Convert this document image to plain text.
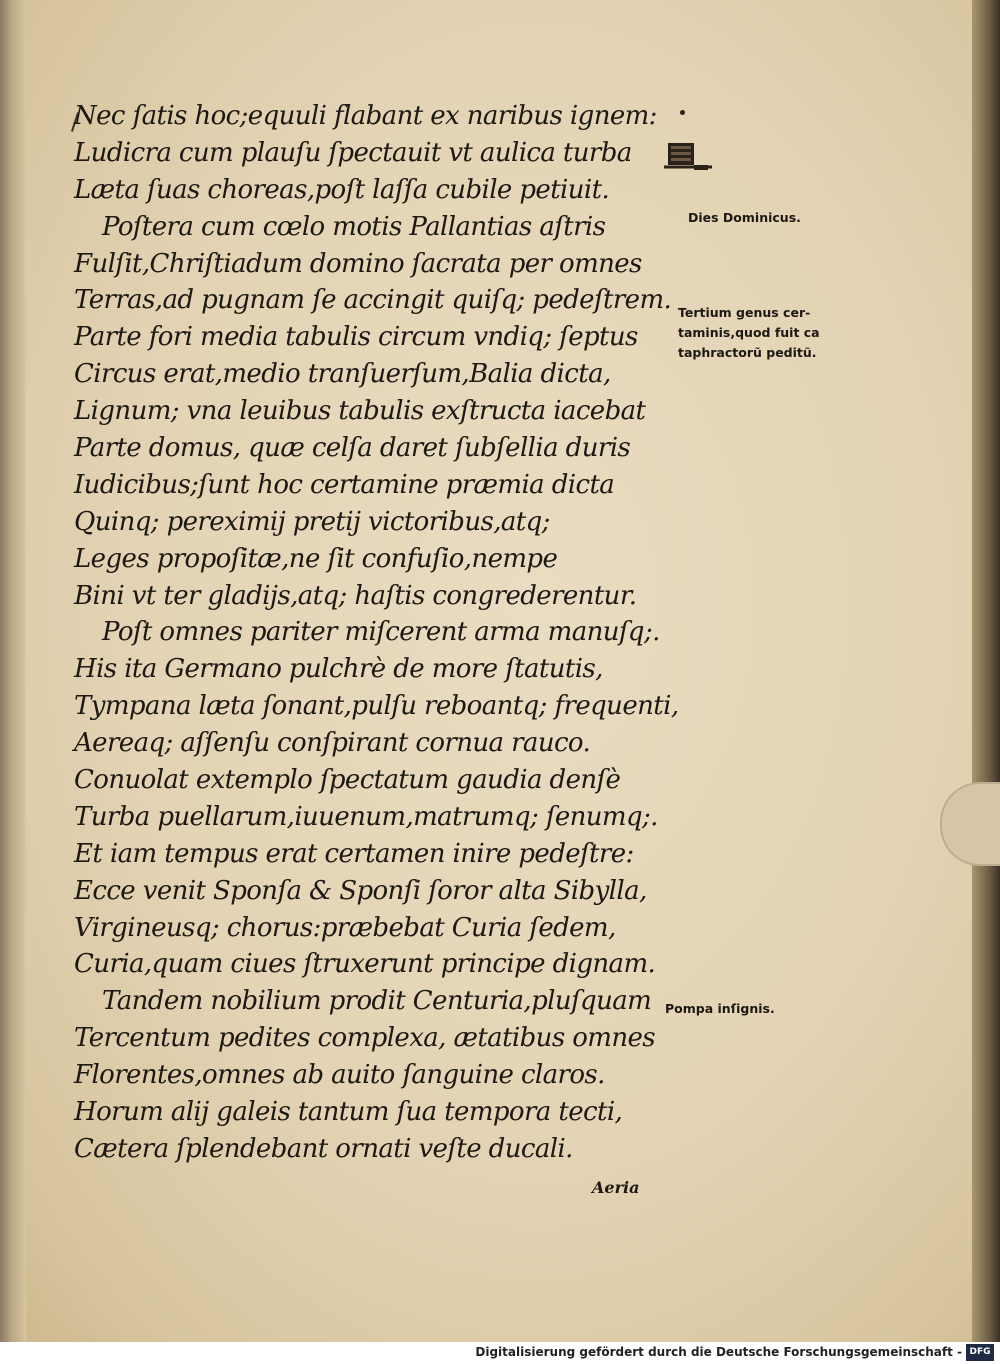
Nec ſatis hoc;equuli flabant ex naribus ignem:
Ludicra cum plauſu ſpectauit vt aulica turba
Læta ſuas choreas,poſt laſſa cubile petiuit.
Poſtera cum cœlo motis Pallantias aſtris
Fulſit,Chriſtiadum domino ſacrata per omnes
Terras,ad pugnam ſe accingit quiſq; pedeſtrem.
Parte fori media tabulis circum vndiq; ſeptus
Circus erat,medio tranſuerſum,Balia dicta,
Lignum; vna leuibus tabulis exſtructa iacebat
Parte domus, quæ celſa daret ſubſellia duris
Iudicibus;ſunt hoc certamine præmia dicta
Quinq; pereximij pretij victoribus,atq;
Leges propoſitæ,ne ſit confuſio,nempe
Bini vt ter gladijs,atq; haſtis congrederentur.
Poſt omnes pariter miſcerent arma manuſq;.
His ita Germano pulchrè de more ſtatutis,
Tympana læta ſonant,pulſu reboantq; frequenti,
Aereaq; aſſenſu conſpirant cornua rauco.
Conuolat extemplo ſpectatum gaudia denſè
Turba puellarum,iuuenum,matrumq; ſenumq;.
Et iam tempus erat certamen inire pedeſtre:
Ecce venit Sponſa & Sponſi ſoror alta Sibylla,
Virgineusq; chorus:præbebat Curia ſedem,
Curia,quam ciues ſtruxerunt principe dignam.
Tandem nobilium prodit Centuria,pluſquam
Tercentum pedites complexa, ætatibus omnes
Florentes,omnes ab auito ſanguine claros.
Horum alij galeis tantum ſua tempora tecti,
Cætera ſplendebant ornati veſte ducali.
Dies Dominicus.
Tertium genus cer-
taminis,quod fuit ca
taphractorũ peditũ.
Pompa inſignis.
Aeria
Digitalisierung gefördert durch die Deutsche Forschungsgemeinschaft - DFG
